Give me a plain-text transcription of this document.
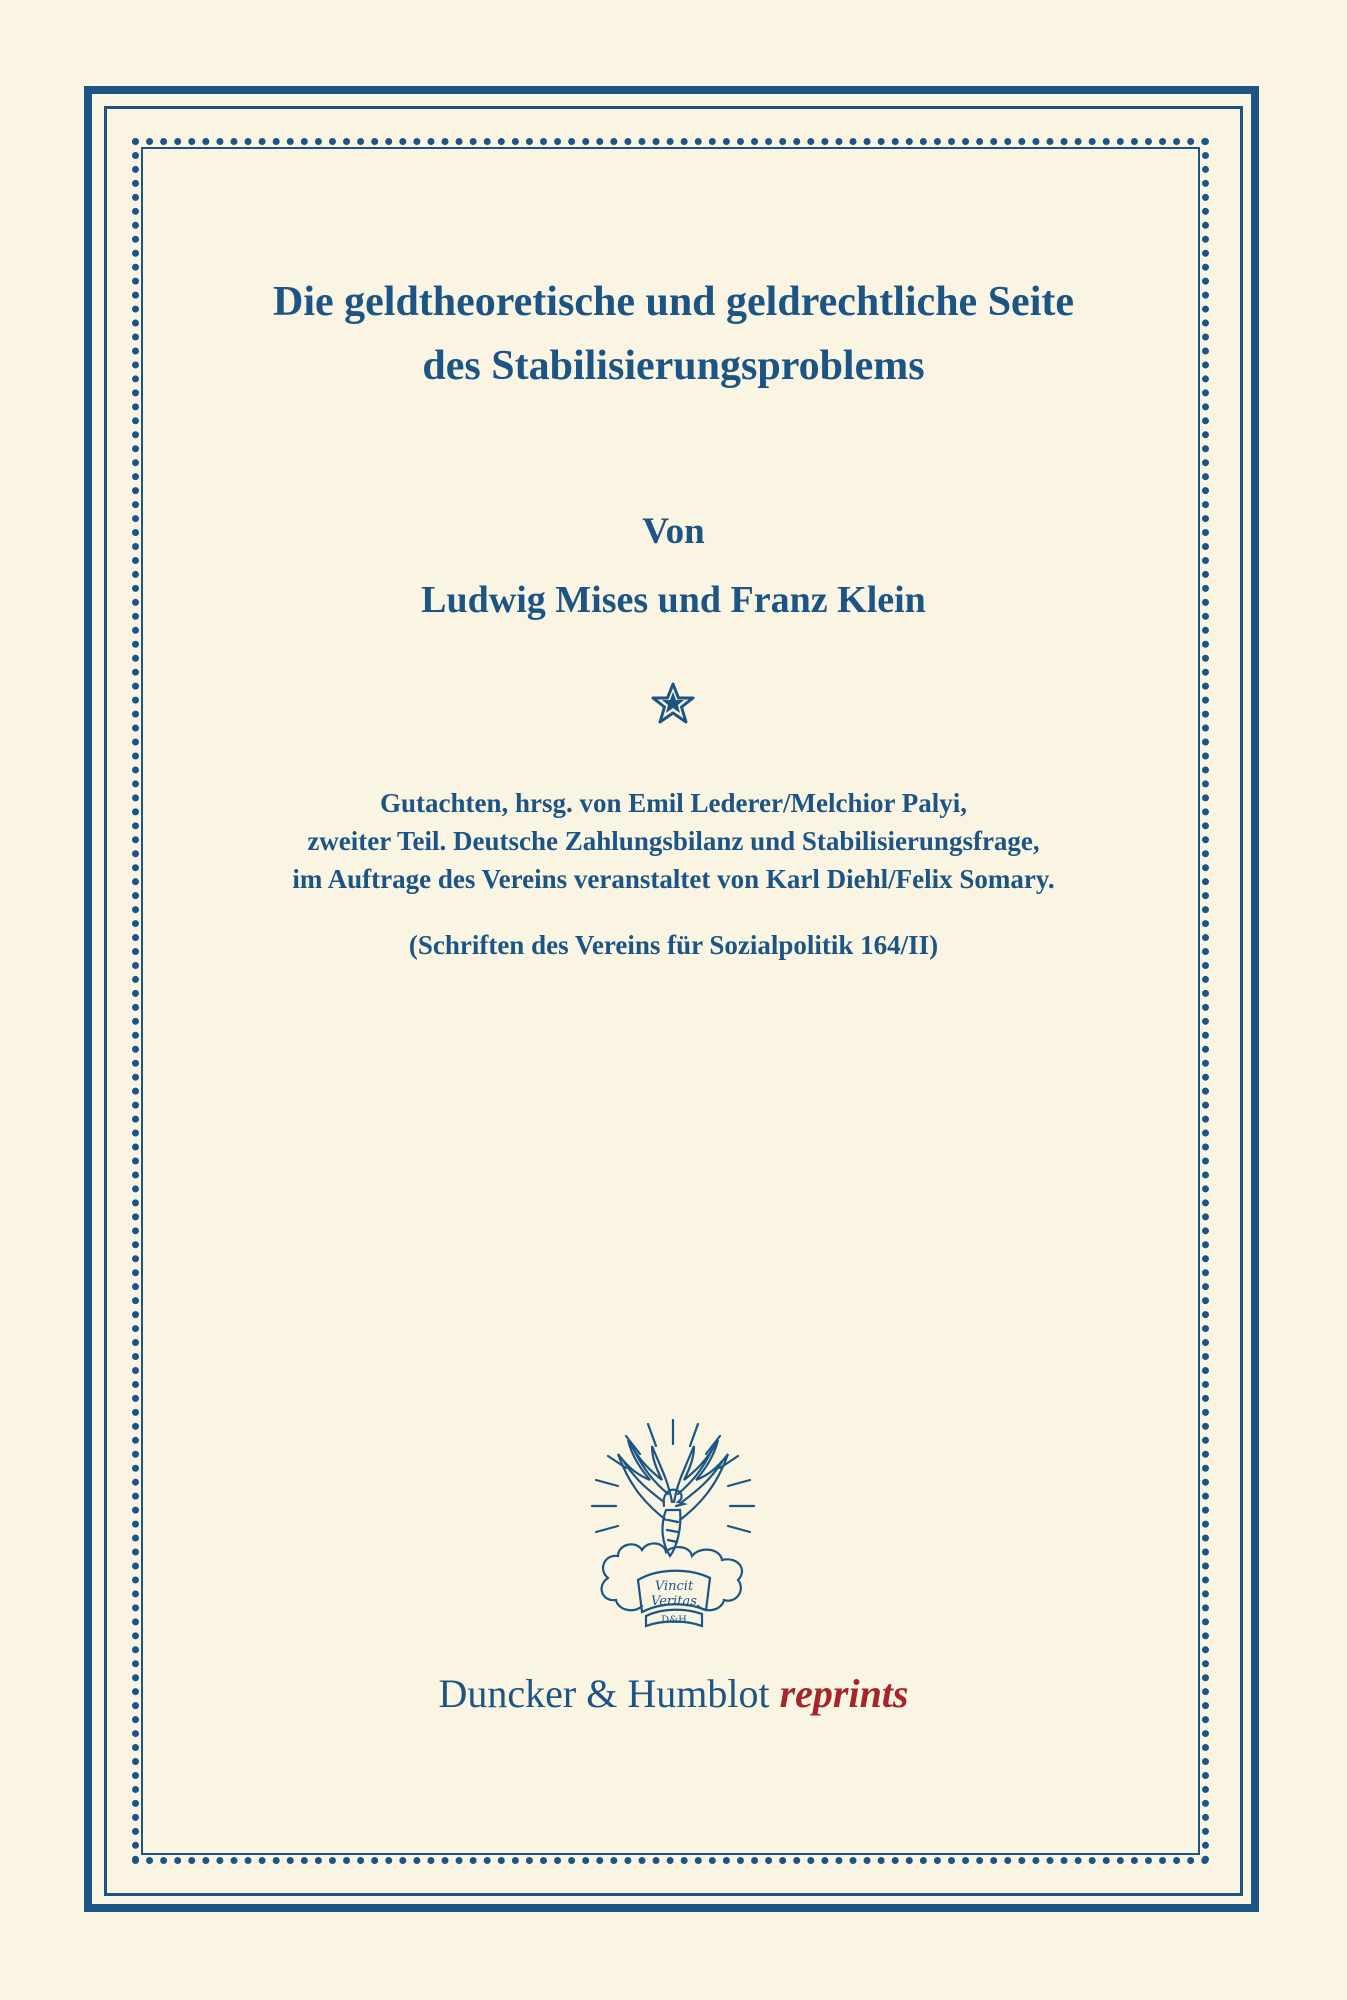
Die geldtheoretische und geldrechtliche Seite
des Stabilisierungsproblems
Von
Ludwig Mises und Franz Klein
Gutachten, hrsg. von Emil Lederer/Melchior Palyi,
zweiter Teil. Deutsche Zahlungsbilanz und Stabilisierungsfrage,
im Auftrage des Vereins veranstaltet von Karl Diehl/Felix Somary.
(Schriften des Vereins für Sozialpolitik 164/II)
Vincit
Veritas
D&H
Duncker & Humblot reprints
